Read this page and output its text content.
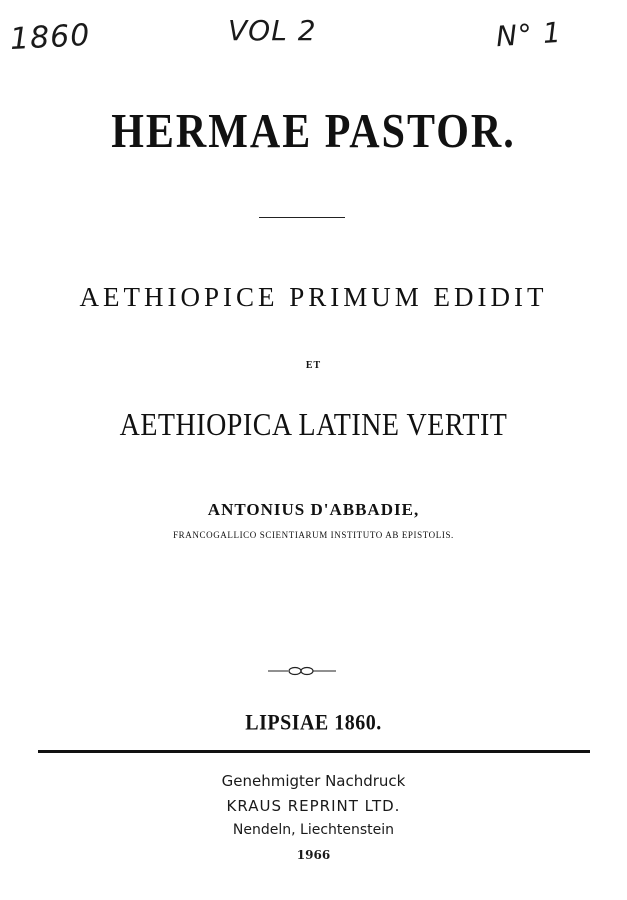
1860	VOL 2	N° 1
HERMAE PASTOR.
AETHIOPICE PRIMUM EDIDIT
ET
AETHIOPICA LATINE VERTIT
ANTONIUS D'ABBADIE,
FRANCOGALLICO SCIENTIARUM INSTITUTO AB EPISTOLIS.
LIPSIAE 1860.
Genehmigter Nachdruck
KRAUS REPRINT LTD.
Nendeln, Liechtenstein
1966
